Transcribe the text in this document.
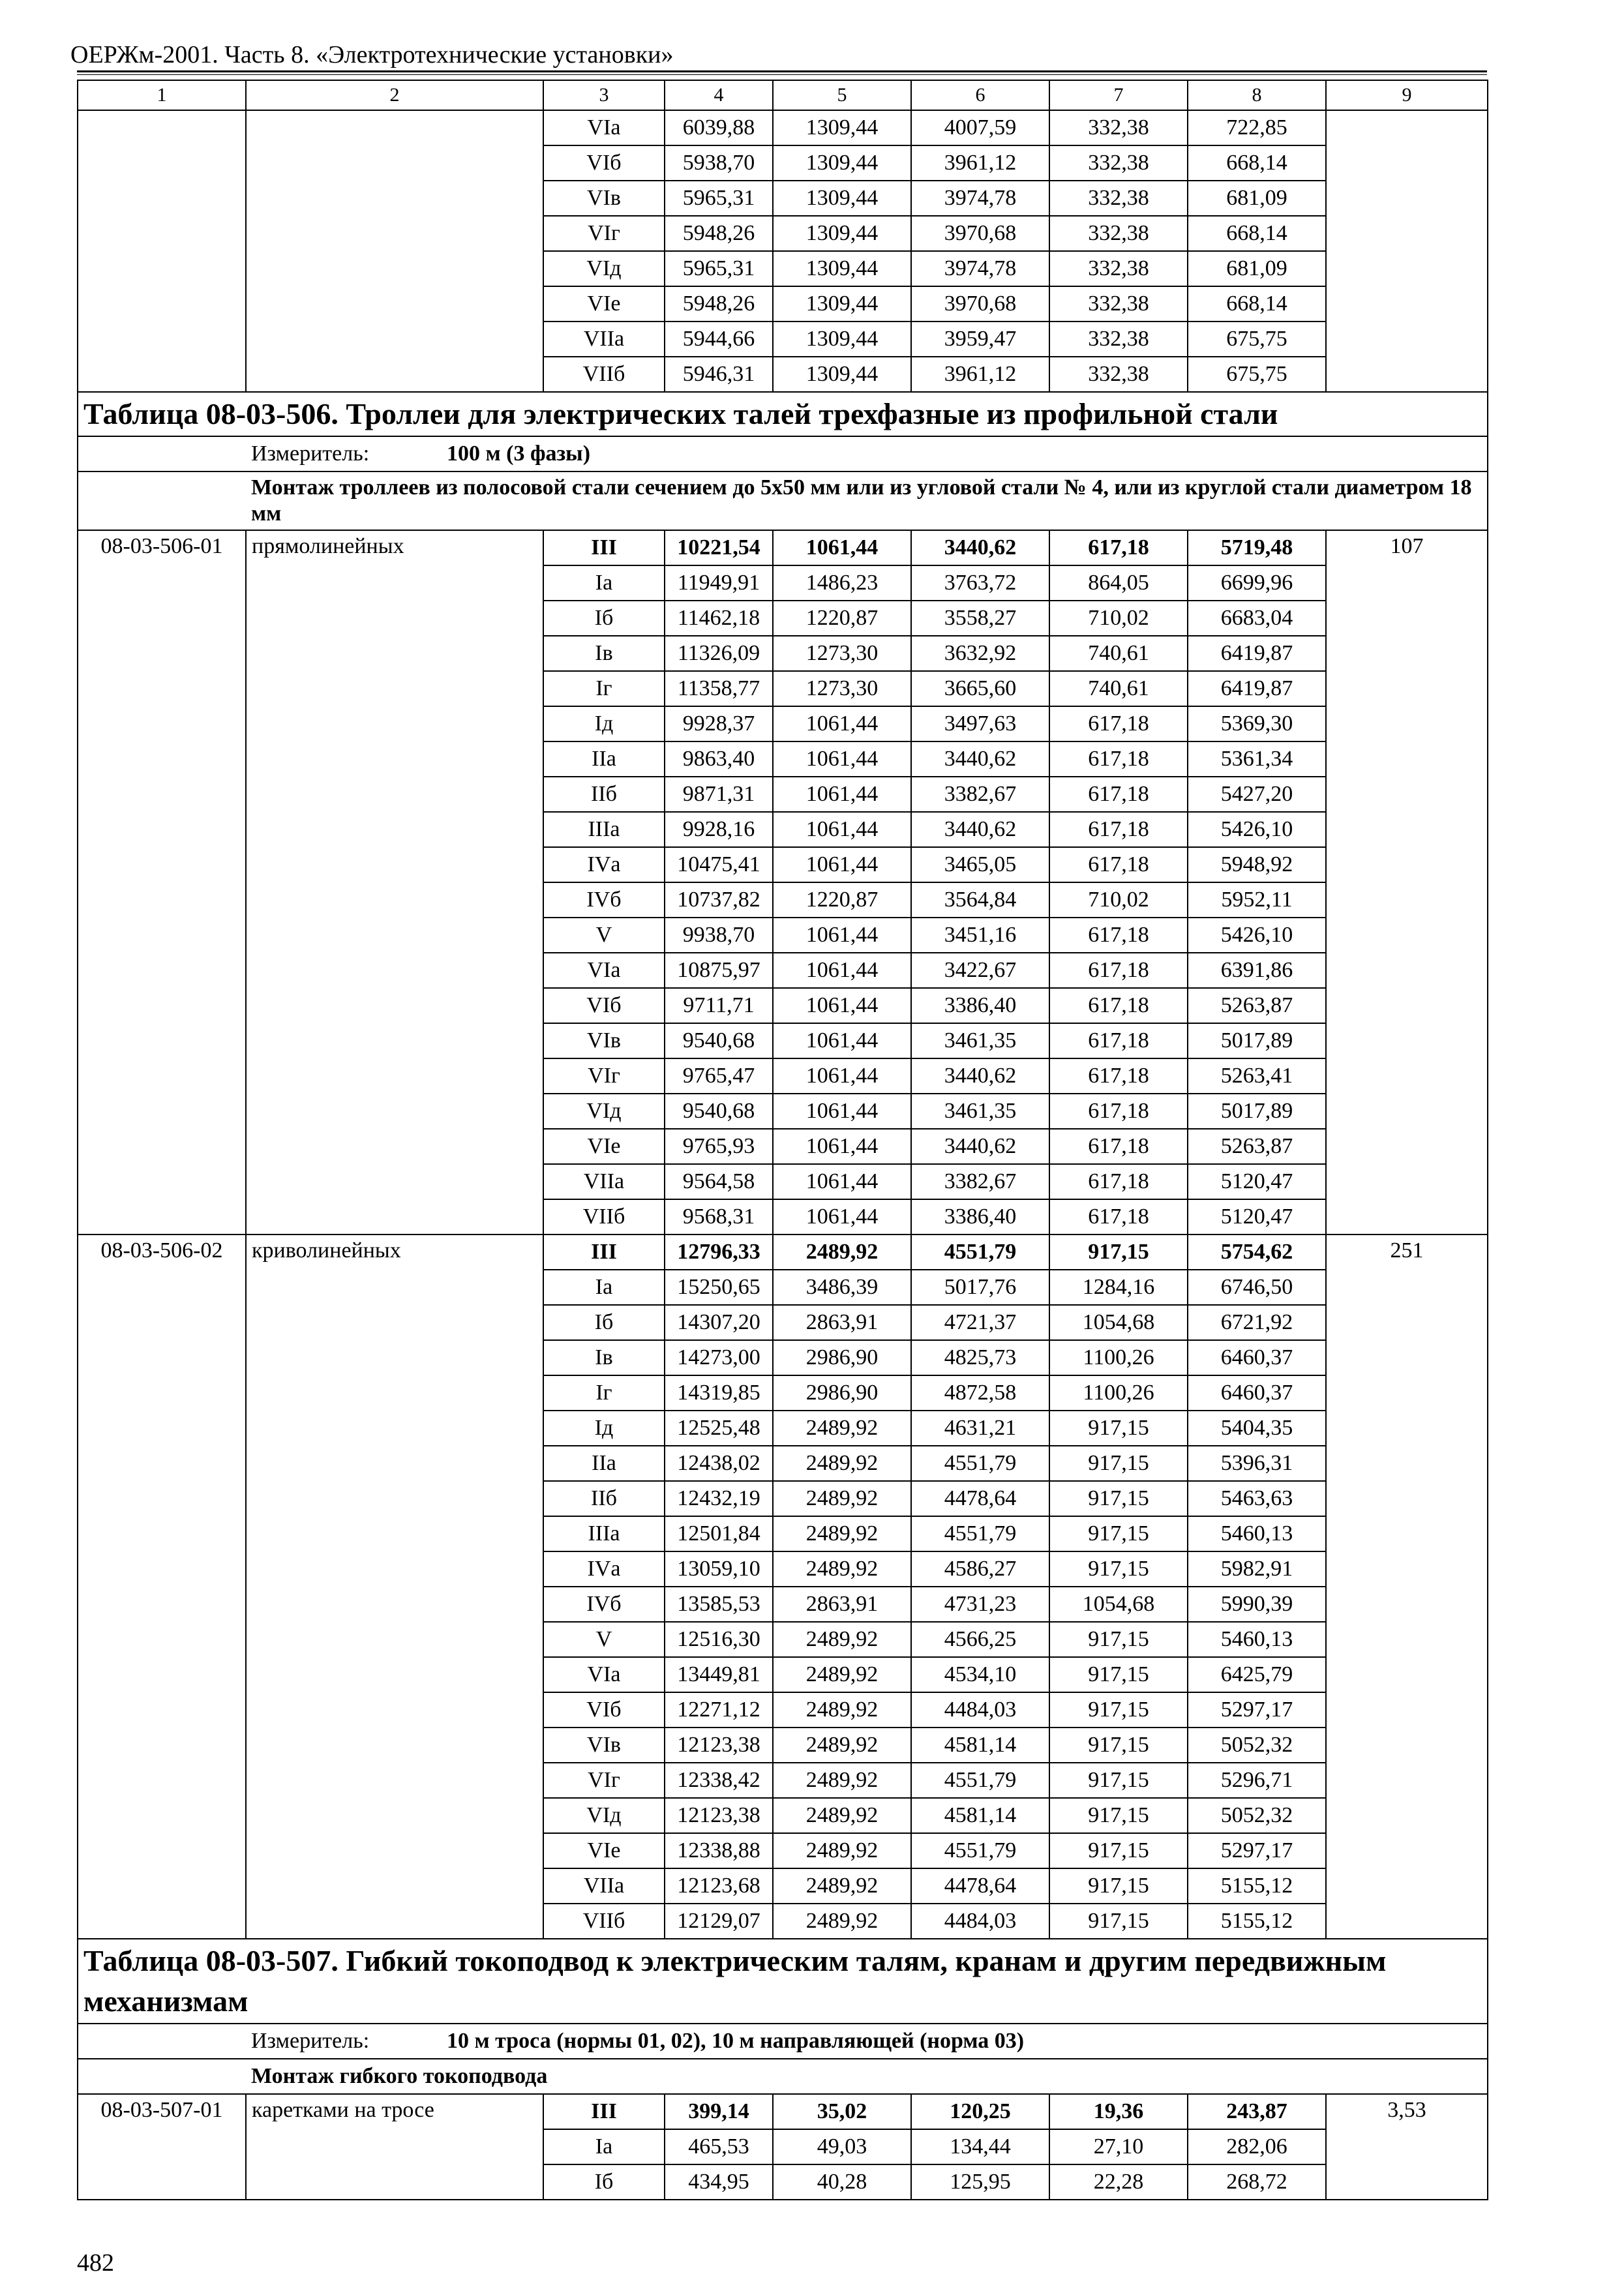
ОЕРЖм-2001. Часть 8. «Электротехнические установки»
1	2	3	4	5	6	7	8	9
		VIа	6039,88	1309,44	4007,59	332,38	722,85	
		VIб	5938,70	1309,44	3961,12	332,38	668,14	
		VIв	5965,31	1309,44	3974,78	332,38	681,09	
		VIг	5948,26	1309,44	3970,68	332,38	668,14	
		VIд	5965,31	1309,44	3974,78	332,38	681,09	
		VIе	5948,26	1309,44	3970,68	332,38	668,14	
		VIIа	5944,66	1309,44	3959,47	332,38	675,75	
		VIIб	5946,31	1309,44	3961,12	332,38	675,75	
Таблица 08-03-506. Троллеи для электрических талей трехфазные из профильной стали								
	Измеритель: 100 м (3 фазы)							
	Монтаж троллеев из полосовой стали сечением до 5х50 мм или из угловой стали № 4, или из круглой стали диаметром 18 мм							
08-03-506-01	прямолинейных	III	10221,54	1061,44	3440,62	617,18	5719,48	107
		Iа	11949,91	1486,23	3763,72	864,05	6699,96	
		Iб	11462,18	1220,87	3558,27	710,02	6683,04	
		Iв	11326,09	1273,30	3632,92	740,61	6419,87	
		Iг	11358,77	1273,30	3665,60	740,61	6419,87	
		Iд	9928,37	1061,44	3497,63	617,18	5369,30	
		IIа	9863,40	1061,44	3440,62	617,18	5361,34	
		IIб	9871,31	1061,44	3382,67	617,18	5427,20	
		IIIа	9928,16	1061,44	3440,62	617,18	5426,10	
		IVа	10475,41	1061,44	3465,05	617,18	5948,92	
		IVб	10737,82	1220,87	3564,84	710,02	5952,11	
		V	9938,70	1061,44	3451,16	617,18	5426,10	
		VIа	10875,97	1061,44	3422,67	617,18	6391,86	
		VIб	9711,71	1061,44	3386,40	617,18	5263,87	
		VIв	9540,68	1061,44	3461,35	617,18	5017,89	
		VIг	9765,47	1061,44	3440,62	617,18	5263,41	
		VIд	9540,68	1061,44	3461,35	617,18	5017,89	
		VIе	9765,93	1061,44	3440,62	617,18	5263,87	
		VIIа	9564,58	1061,44	3382,67	617,18	5120,47	
		VIIб	9568,31	1061,44	3386,40	617,18	5120,47	
08-03-506-02	криволинейных	III	12796,33	2489,92	4551,79	917,15	5754,62	251
		Iа	15250,65	3486,39	5017,76	1284,16	6746,50	
		Iб	14307,20	2863,91	4721,37	1054,68	6721,92	
		Iв	14273,00	2986,90	4825,73	1100,26	6460,37	
		Iг	14319,85	2986,90	4872,58	1100,26	6460,37	
		Iд	12525,48	2489,92	4631,21	917,15	5404,35	
		IIа	12438,02	2489,92	4551,79	917,15	5396,31	
		IIб	12432,19	2489,92	4478,64	917,15	5463,63	
		IIIа	12501,84	2489,92	4551,79	917,15	5460,13	
		IVа	13059,10	2489,92	4586,27	917,15	5982,91	
		IVб	13585,53	2863,91	4731,23	1054,68	5990,39	
		V	12516,30	2489,92	4566,25	917,15	5460,13	
		VIа	13449,81	2489,92	4534,10	917,15	6425,79	
		VIб	12271,12	2489,92	4484,03	917,15	5297,17	
		VIв	12123,38	2489,92	4581,14	917,15	5052,32	
		VIг	12338,42	2489,92	4551,79	917,15	5296,71	
		VIд	12123,38	2489,92	4581,14	917,15	5052,32	
		VIе	12338,88	2489,92	4551,79	917,15	5297,17	
		VIIа	12123,68	2489,92	4478,64	917,15	5155,12	
		VIIб	12129,07	2489,92	4484,03	917,15	5155,12	
Таблица 08-03-507. Гибкий токоподвод к электрическим талям, кранам и другим передвижным механизмам								
	Измеритель: 10 м троса (нормы 01, 02), 10 м направляющей (норма 03)							
	Монтаж гибкого токоподвода							
08-03-507-01	каретками на тросе	III	399,14	35,02	120,25	19,36	243,87	3,53
		Iа	465,53	49,03	134,44	27,10	282,06	
		Iб	434,95	40,28	125,95	22,28	268,72	
482
